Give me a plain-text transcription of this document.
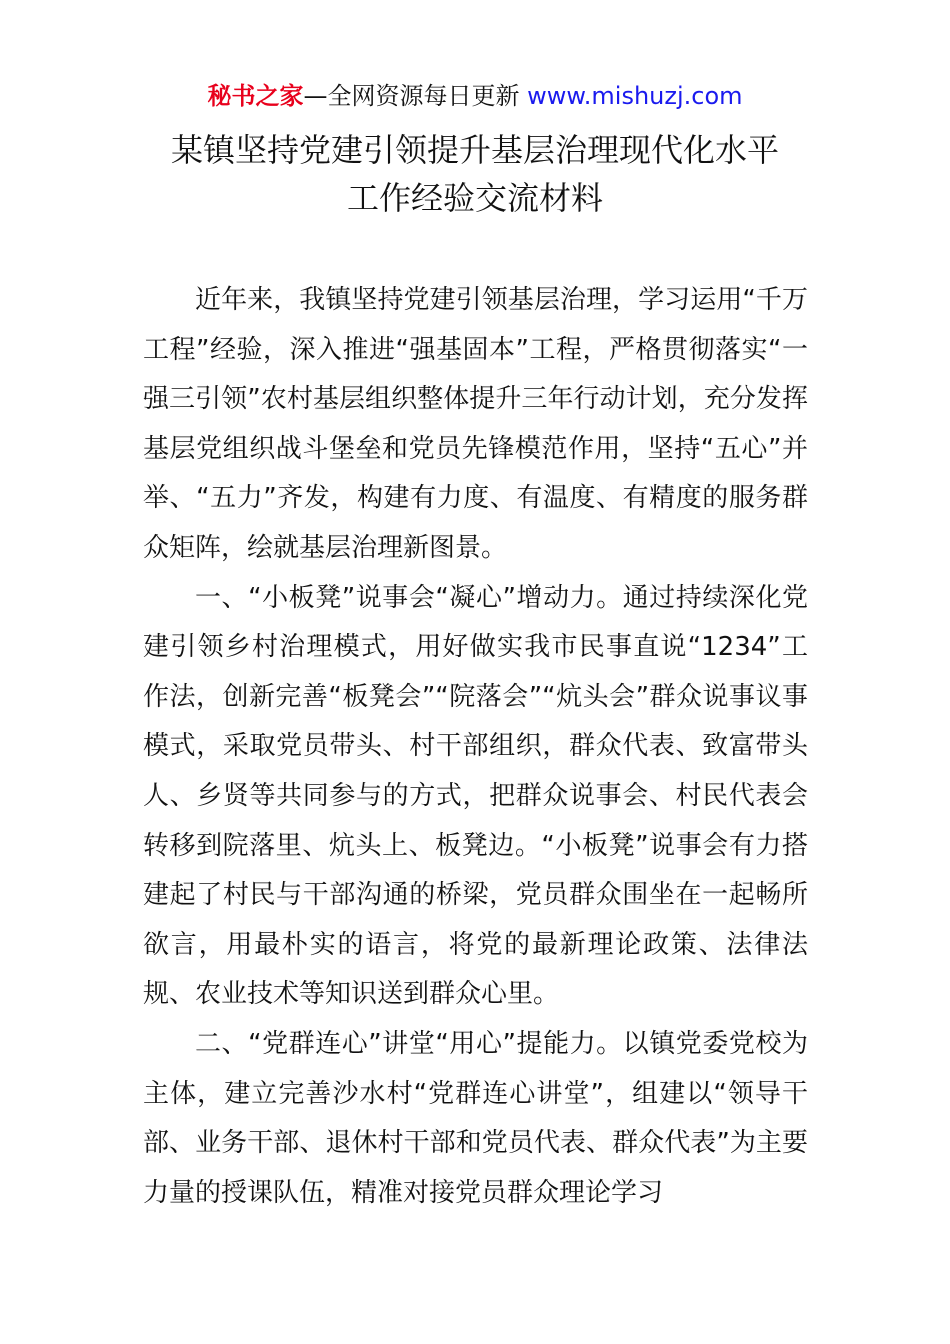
秘书之家—全网资源每日更新 www.mishuzj.com
某镇坚持党建引领提升基层治理现代化水平
工作经验交流材料

近年来，我镇坚持党建引领基层治理，学习运用“千万工程”经验，深入推进“强基固本”工程，严格贯彻落实“一强三引领”农村基层组织整体提升三年行动计划，充分发挥基层党组织战斗堡垒和党员先锋模范作用，坚持“五心”并举、“五力”齐发，构建有力度、有温度、有精度的服务群众矩阵，绘就基层治理新图景。

一、“小板凳”说事会“凝心”增动力。通过持续深化党建引领乡村治理模式，用好做实我市民事直说“1234”工作法，创新完善“板凳会”“院落会”“炕头会”群众说事议事模式，采取党员带头、村干部组织，群众代表、致富带头人、乡贤等共同参与的方式，把群众说事会、村民代表会转移到院落里、炕头上、板凳边。“小板凳”说事会有力搭建起了村民与干部沟通的桥梁，党员群众围坐在一起畅所欲言，用最朴实的语言，将党的最新理论政策、法律法规、农业技术等知识送到群众心里。

二、“党群连心”讲堂“用心”提能力。以镇党委党校为主体，建立完善沙水村“党群连心讲堂”，组建以“领导干部、业务干部、退休村干部和党员代表、群众代表”为主要力量的授课队伍，精准对接党员群众理论学习
